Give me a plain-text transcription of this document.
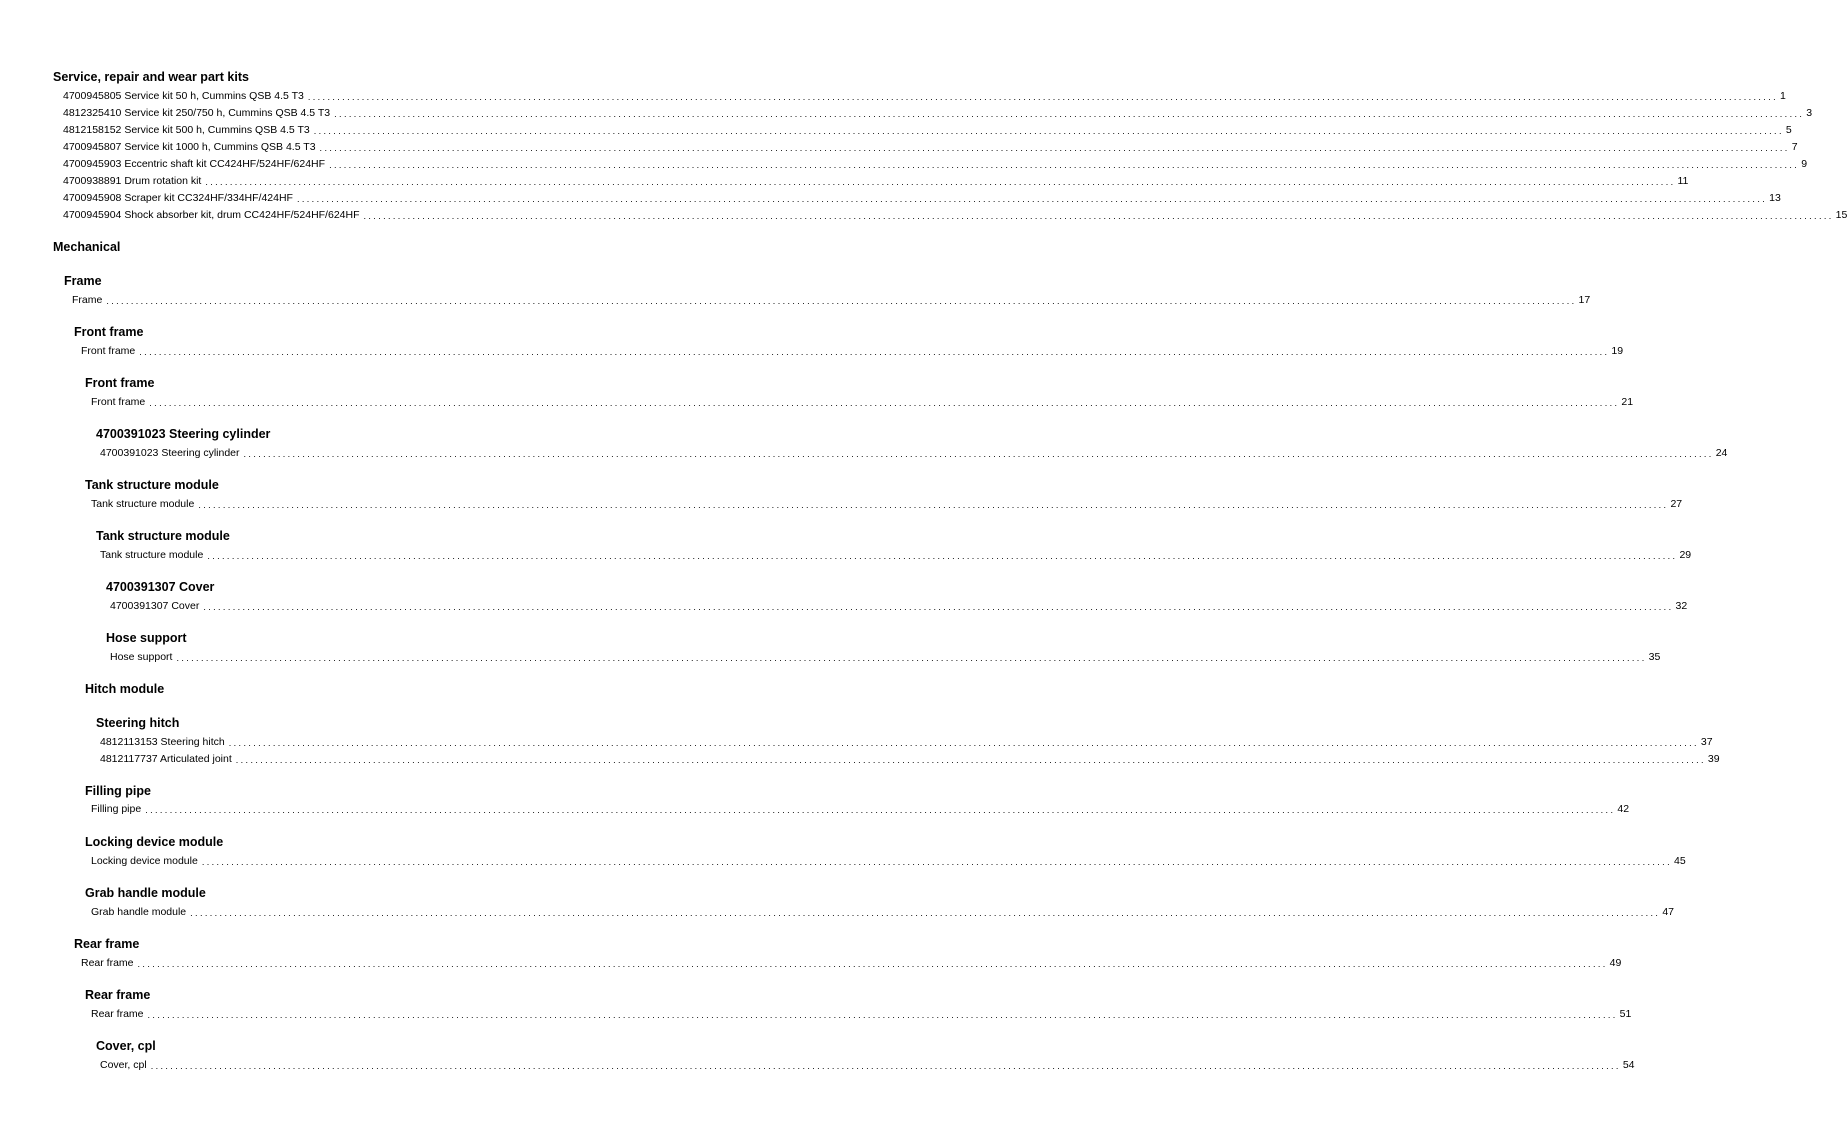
Service, repair and wear part kits
4700945805 Service kit 50 h, Cummins QSB 4.5 T3 ............................................................................................................................................................................................................................................................................................................ 1
4812325410 Service kit 250/750 h, Cummins QSB 4.5 T3 ............................................................................................................................................................................................................................................................................................................ 3
4812158152 Service kit 500 h, Cummins QSB 4.5 T3 ............................................................................................................................................................................................................................................................................................................ 5
4700945807 Service kit 1000 h, Cummins QSB 4.5 T3 ............................................................................................................................................................................................................................................................................................................ 7
4700945903 Eccentric shaft kit CC424HF/524HF/624HF ............................................................................................................................................................................................................................................................................................................ 9
4700938891 Drum rotation kit ............................................................................................................................................................................................................................................................................................................ 11
4700945908 Scraper kit CC324HF/334HF/424HF ............................................................................................................................................................................................................................................................................................................ 13
4700945904 Shock absorber kit, drum CC424HF/524HF/624HF ............................................................................................................................................................................................................................................................................................................ 15
Mechanical
Frame
Frame ............................................................................................................................................................................................................................................................................................................ 17
Front frame
Front frame ............................................................................................................................................................................................................................................................................................................ 19
Front frame
Front frame ............................................................................................................................................................................................................................................................................................................ 21
4700391023 Steering cylinder
4700391023 Steering cylinder ............................................................................................................................................................................................................................................................................................................ 24
Tank structure module
Tank structure module ............................................................................................................................................................................................................................................................................................................ 27
Tank structure module
Tank structure module ............................................................................................................................................................................................................................................................................................................ 29
4700391307 Cover
4700391307 Cover ............................................................................................................................................................................................................................................................................................................ 32
Hose support
Hose support ............................................................................................................................................................................................................................................................................................................ 35
Hitch module
Steering hitch
4812113153 Steering hitch ............................................................................................................................................................................................................................................................................................................ 37
4812117737 Articulated joint ............................................................................................................................................................................................................................................................................................................ 39
Filling pipe
Filling pipe ............................................................................................................................................................................................................................................................................................................ 42
Locking device module
Locking device module ............................................................................................................................................................................................................................................................................................................ 45
Grab handle module
Grab handle module ............................................................................................................................................................................................................................................................................................................ 47
Rear frame
Rear frame ............................................................................................................................................................................................................................................................................................................ 49
Rear frame
Rear frame ............................................................................................................................................................................................................................................................................................................ 51
Cover, cpl
Cover, cpl ............................................................................................................................................................................................................................................................................................................ 54
